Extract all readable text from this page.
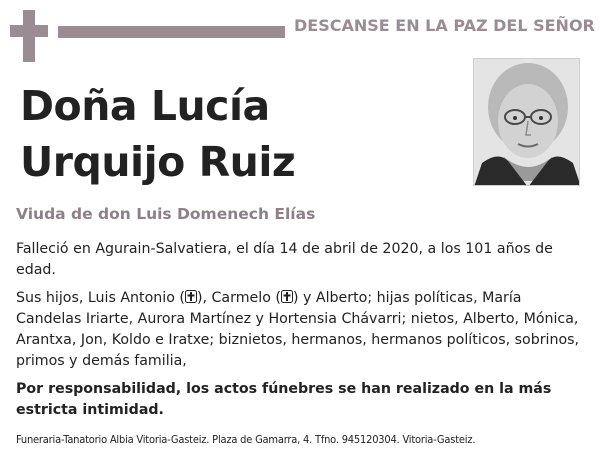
DESCANSE EN LA PAZ DEL SEÑOR
Doña Lucía
Urquijo Ruiz
Viuda de don Luis Domenech Elías

Falleció en Agurain-Salvatiera, el día 14 de abril de 2020, a los 101 años de edad.

Sus hijos, Luis Antonio ( ), Carmelo ( ) y Alberto; hijas políticas, María Candelas Iriarte, Aurora Martínez y Hortensia Chávarri; nietos, Alberto, Mónica, Arantxa, Jon, Koldo e Iratxe; biznietos, hermanos, hermanos políticos, sobrinos, primos y demás familia,

Por responsabilidad, los actos fúnebres se han realizado en la más estricta intimidad.

Funeraria-Tanatorio Albia Vitoria-Gasteiz. Plaza de Gamarra, 4. Tfno. 945120304. Vitoria-Gasteiz.
